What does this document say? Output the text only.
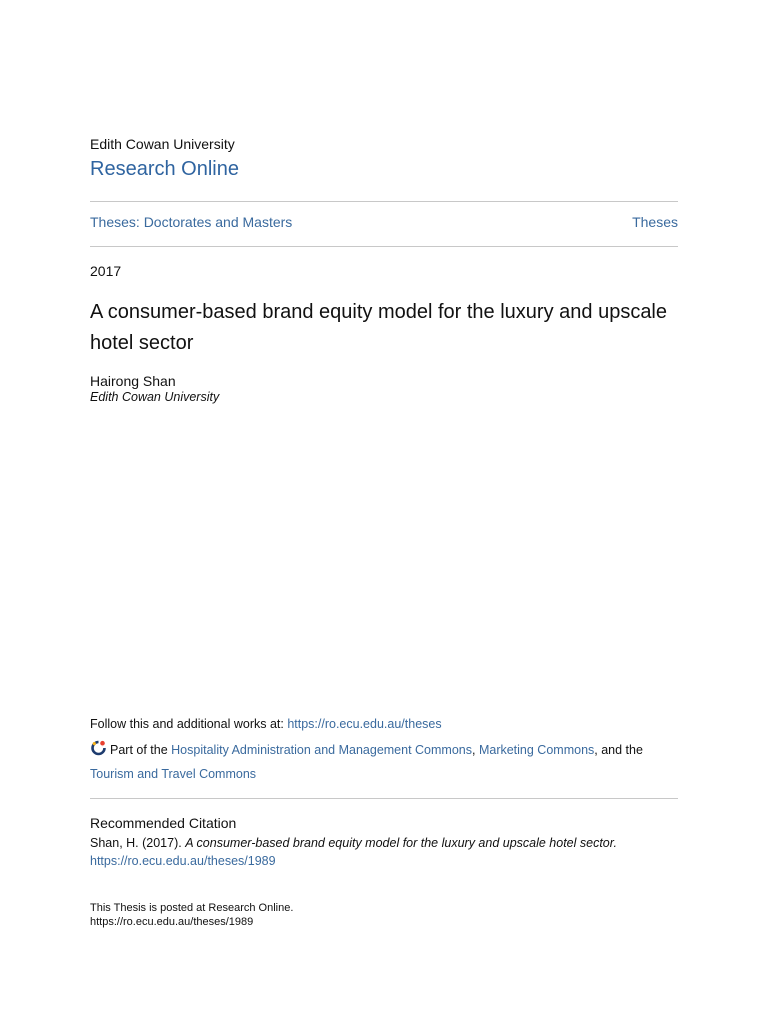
Edith Cowan University
Research Online
Theses: Doctorates and Masters	Theses
2017
A consumer-based brand equity model for the luxury and upscale hotel sector
Hairong Shan
Edith Cowan University
Follow this and additional works at: https://ro.ecu.edu.au/theses
Part of the Hospitality Administration and Management Commons, Marketing Commons, and the
Tourism and Travel Commons
Recommended Citation
Shan, H. (2017). A consumer-based brand equity model for the luxury and upscale hotel sector.
https://ro.ecu.edu.au/theses/1989
This Thesis is posted at Research Online.
https://ro.ecu.edu.au/theses/1989
